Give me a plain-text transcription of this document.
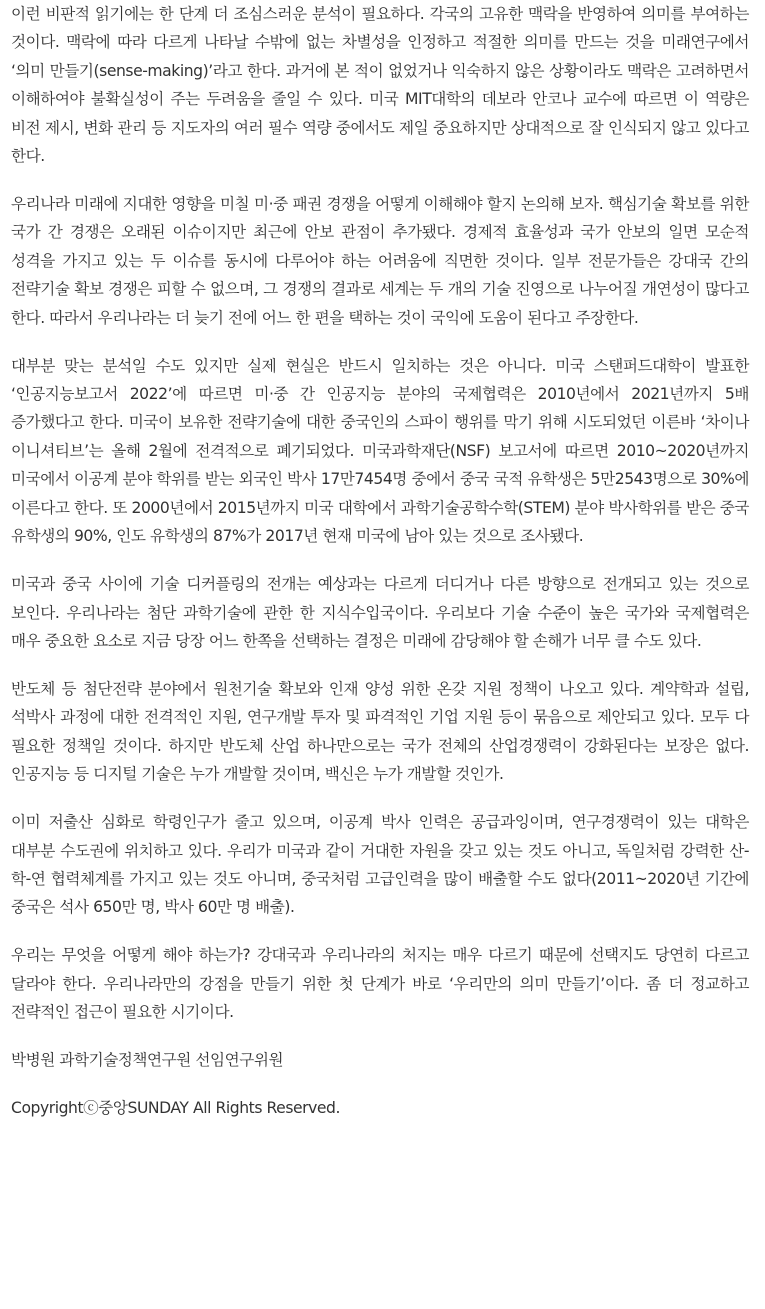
이런 비판적 읽기에는 한 단계 더 조심스러운 분석이 필요하다. 각국의 고유한 맥락을 반영하여 의미를 부여하는 것이다. 맥락에 따라 다르게 나타날 수밖에 없는 차별성을 인정하고 적절한 의미를 만드는 것을 미래연구에서 ‘의미 만들기(sense-making)’라고 한다. 과거에 본 적이 없었거나 익숙하지 않은 상황이라도 맥락은 고려하면서 이해하여야 불확실성이 주는 두려움을 줄일 수 있다. 미국 MIT대학의 데보라 안코나 교수에 따르면 이 역량은 비전 제시, 변화 관리 등 지도자의 여러 필수 역량 중에서도 제일 중요하지만 상대적으로 잘 인식되지 않고 있다고 한다.

우리나라 미래에 지대한 영향을 미칠 미·중 패권 경쟁을 어떻게 이해해야 할지 논의해 보자. 핵심기술 확보를 위한 국가 간 경쟁은 오래된 이슈이지만 최근에 안보 관점이 추가됐다. 경제적 효율성과 국가 안보의 일면 모순적 성격을 가지고 있는 두 이슈를 동시에 다루어야 하는 어려움에 직면한 것이다. 일부 전문가들은 강대국 간의 전략기술 확보 경쟁은 피할 수 없으며, 그 경쟁의 결과로 세계는 두 개의 기술 진영으로 나누어질 개연성이 많다고 한다. 따라서 우리나라는 더 늦기 전에 어느 한 편을 택하는 것이 국익에 도움이 된다고 주장한다.

대부분 맞는 분석일 수도 있지만 실제 현실은 반드시 일치하는 것은 아니다. 미국 스탠퍼드대학이 발표한 ‘인공지능보고서 2022’에 따르면 미·중 간 인공지능 분야의 국제협력은 2010년에서 2021년까지 5배 증가했다고 한다. 미국이 보유한 전략기술에 대한 중국인의 스파이 행위를 막기 위해 시도되었던 이른바 ‘차이나 이니셔티브’는 올해 2월에 전격적으로 폐기되었다. 미국과학재단(NSF) 보고서에 따르면 2010~2020년까지 미국에서 이공계 분야 학위를 받는 외국인 박사 17만7454명 중에서 중국 국적 유학생은 5만2543명으로 30%에 이른다고 한다. 또 2000년에서 2015년까지 미국 대학에서 과학기술공학수학(STEM) 분야 박사학위를 받은 중국 유학생의 90%, 인도 유학생의 87%가 2017년 현재 미국에 남아 있는 것으로 조사됐다.

미국과 중국 사이에 기술 디커플링의 전개는 예상과는 다르게 더디거나 다른 방향으로 전개되고 있는 것으로 보인다. 우리나라는 첨단 과학기술에 관한 한 지식수입국이다. 우리보다 기술 수준이 높은 국가와 국제협력은 매우 중요한 요소로 지금 당장 어느 한쪽을 선택하는 결정은 미래에 감당해야 할 손해가 너무 클 수도 있다.

반도체 등 첨단전략 분야에서 원천기술 확보와 인재 양성 위한 온갖 지원 정책이 나오고 있다. 계약학과 설립, 석박사 과정에 대한 전격적인 지원, 연구개발 투자 및 파격적인 기업 지원 등이 묶음으로 제안되고 있다. 모두 다 필요한 정책일 것이다. 하지만 반도체 산업 하나만으로는 국가 전체의 산업경쟁력이 강화된다는 보장은 없다. 인공지능 등 디지털 기술은 누가 개발할 것이며, 백신은 누가 개발할 것인가.

이미 저출산 심화로 학령인구가 줄고 있으며, 이공계 박사 인력은 공급과잉이며, 연구경쟁력이 있는 대학은 대부분 수도권에 위치하고 있다. 우리가 미국과 같이 거대한 자원을 갖고 있는 것도 아니고, 독일처럼 강력한 산-학-연 협력체계를 가지고 있는 것도 아니며, 중국처럼 고급인력을 많이 배출할 수도 없다(2011~2020년 기간에 중국은 석사 650만 명, 박사 60만 명 배출).

우리는 무엇을 어떻게 해야 하는가? 강대국과 우리나라의 처지는 매우 다르기 때문에 선택지도 당연히 다르고 달라야 한다. 우리나라만의 강점을 만들기 위한 첫 단계가 바로 ‘우리만의 의미 만들기’이다. 좀 더 정교하고 전략적인 접근이 필요한 시기이다.

박병원 과학기술정책연구원 선임연구위원

Copyrightⓒ중앙SUNDAY All Rights Reserved.
